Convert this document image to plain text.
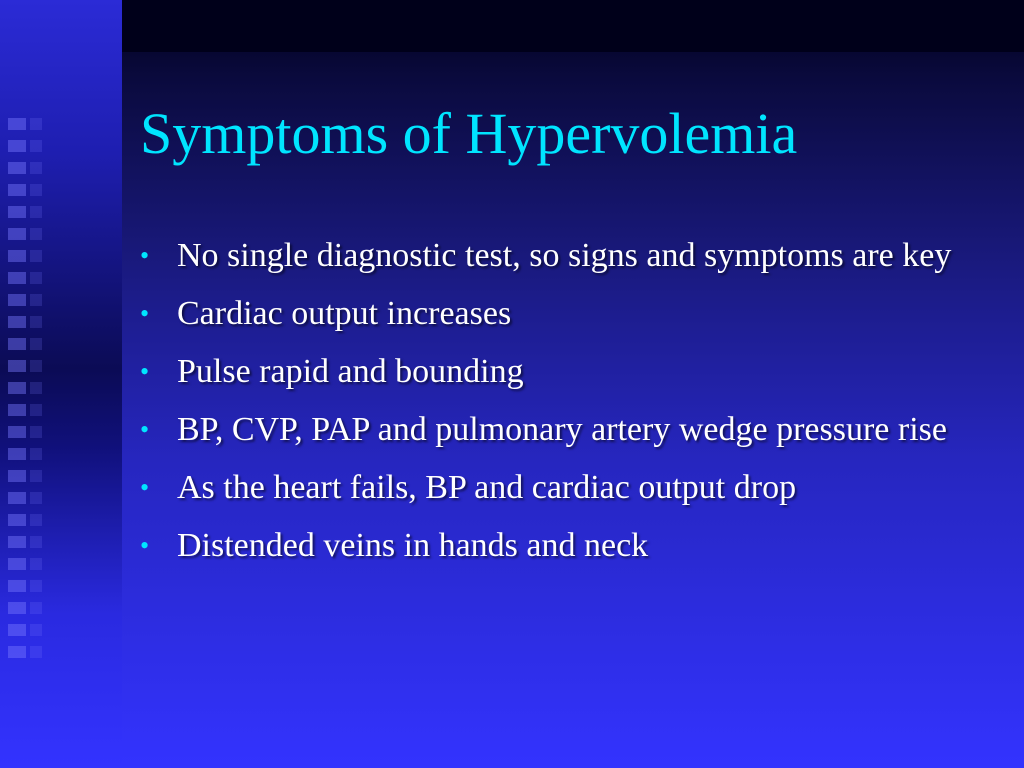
Symptoms of Hypervolemia
• No single diagnostic test, so signs and symptoms are key
• Cardiac output increases
• Pulse rapid and bounding
• BP, CVP, PAP and pulmonary artery wedge pressure rise
• As the heart fails, BP and cardiac output drop
• Distended veins in hands and neck
